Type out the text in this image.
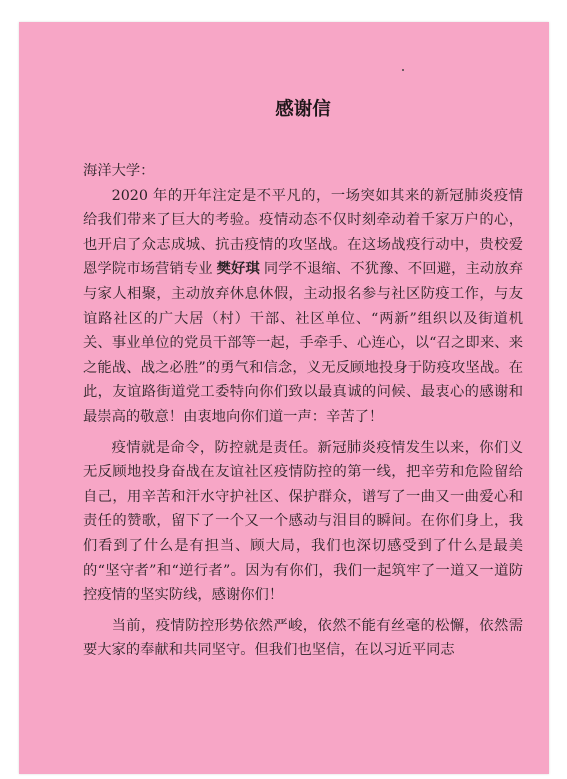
感谢信

海洋大学：

2020 年的开年注定是不平凡的，一场突如其来的新冠肺炎疫情给我们带来了巨大的考验。疫情动态不仅时刻牵动着千家万户的心，也开启了众志成城、抗击疫情的攻坚战。在这场战疫行动中，贵校爱恩学院市场营销专业 樊好琪 同学不退缩、不犹豫、不回避，主动放弃与家人相聚，主动放弃休息休假，主动报名参与社区防疫工作，与友谊路社区的广大居（村）干部、社区单位、“两新”组织以及街道机关、事业单位的党员干部等一起，手牵手、心连心，以“召之即来、来之能战、战之必胜”的勇气和信念，义无反顾地投身于防疫攻坚战。在此，友谊路街道党工委特向你们致以最真诚的问候、最衷心的感谢和最崇高的敬意！由衷地向你们道一声：辛苦了！

疫情就是命令，防控就是责任。新冠肺炎疫情发生以来，你们义无反顾地投身奋战在友谊社区疫情防控的第一线，把辛劳和危险留给自己，用辛苦和汗水守护社区、保护群众，谱写了一曲又一曲爱心和责任的赞歌，留下了一个又一个感动与泪目的瞬间。在你们身上，我们看到了什么是有担当、顾大局，我们也深切感受到了什么是最美的“坚守者”和“逆行者”。因为有你们，我们一起筑牢了一道又一道防控疫情的坚实防线，感谢你们！

当前，疫情防控形势依然严峻，依然不能有丝毫的松懈，依然需要大家的奉献和共同坚守。但我们也坚信，在以习近平同志
